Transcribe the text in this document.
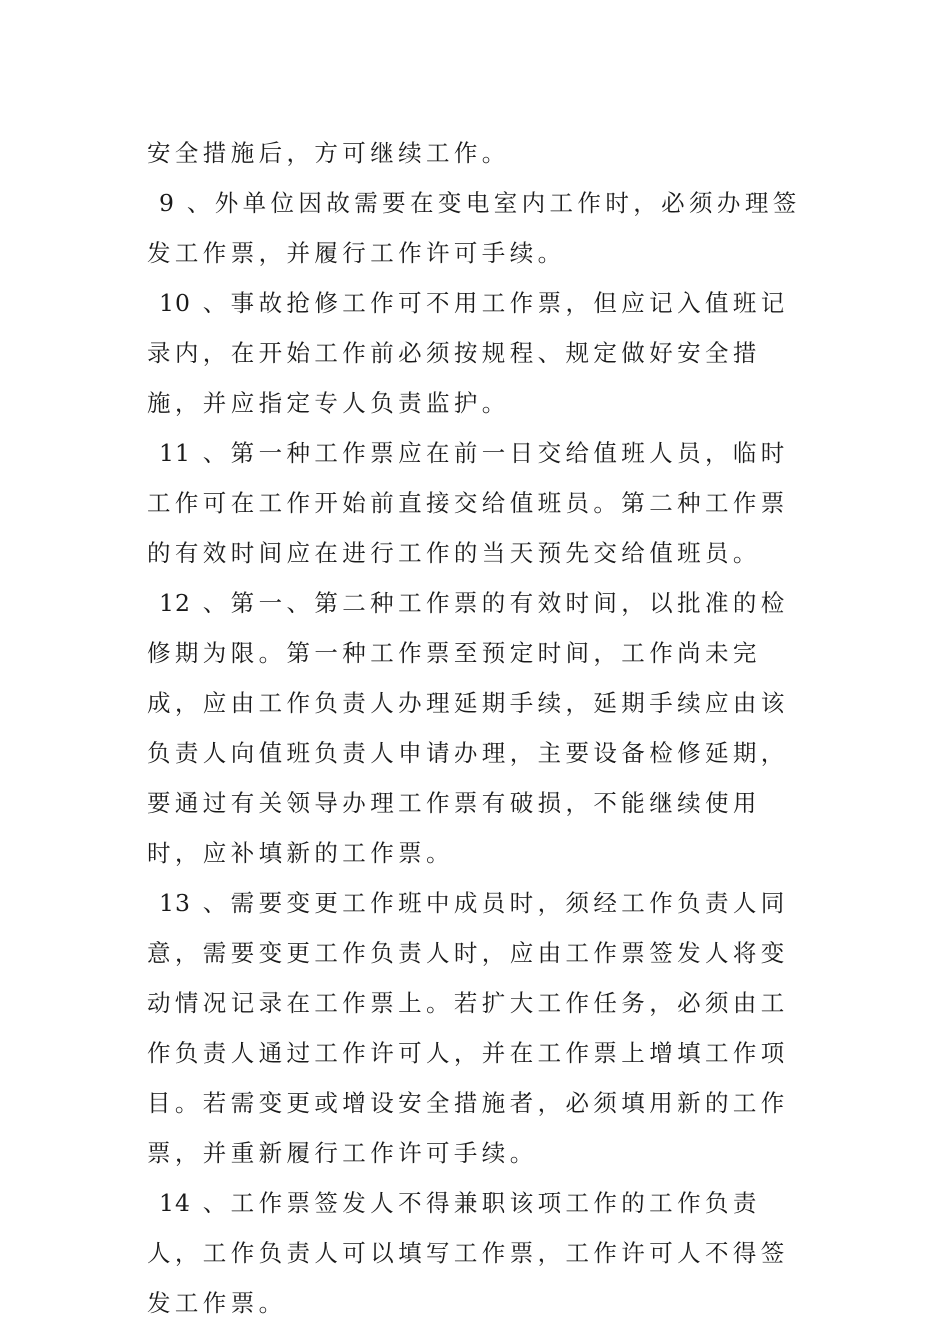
安全措施后，方可继续工作。

9 、外单位因故需要在变电室内工作时，必须办理签发工作票，并履行工作许可手续。

10 、事故抢修工作可不用工作票，但应记入值班记录内，在开始工作前必须按规程、规定做好安全措施，并应指定专人负责监护。

11 、第一种工作票应在前一日交给值班人员，临时工作可在工作开始前直接交给值班员。第二种工作票的有效时间应在进行工作的当天预先交给值班员。

12 、第一、第二种工作票的有效时间，以批准的检修期为限。第一种工作票至预定时间，工作尚未完成，应由工作负责人办理延期手续，延期手续应由该负责人向值班负责人申请办理，主要设备检修延期，要通过有关领导办理工作票有破损，不能继续使用时，应补填新的工作票。

13 、需要变更工作班中成员时，须经工作负责人同意，需要变更工作负责人时，应由工作票签发人将变动情况记录在工作票上。若扩大工作任务，必须由工作负责人通过工作许可人，并在工作票上增填工作项目。若需变更或增设安全措施者，必须填用新的工作票，并重新履行工作许可手续。

14 、工作票签发人不得兼职该项工作的工作负责人，工作负责人可以填写工作票，工作许可人不得签发工作票。
